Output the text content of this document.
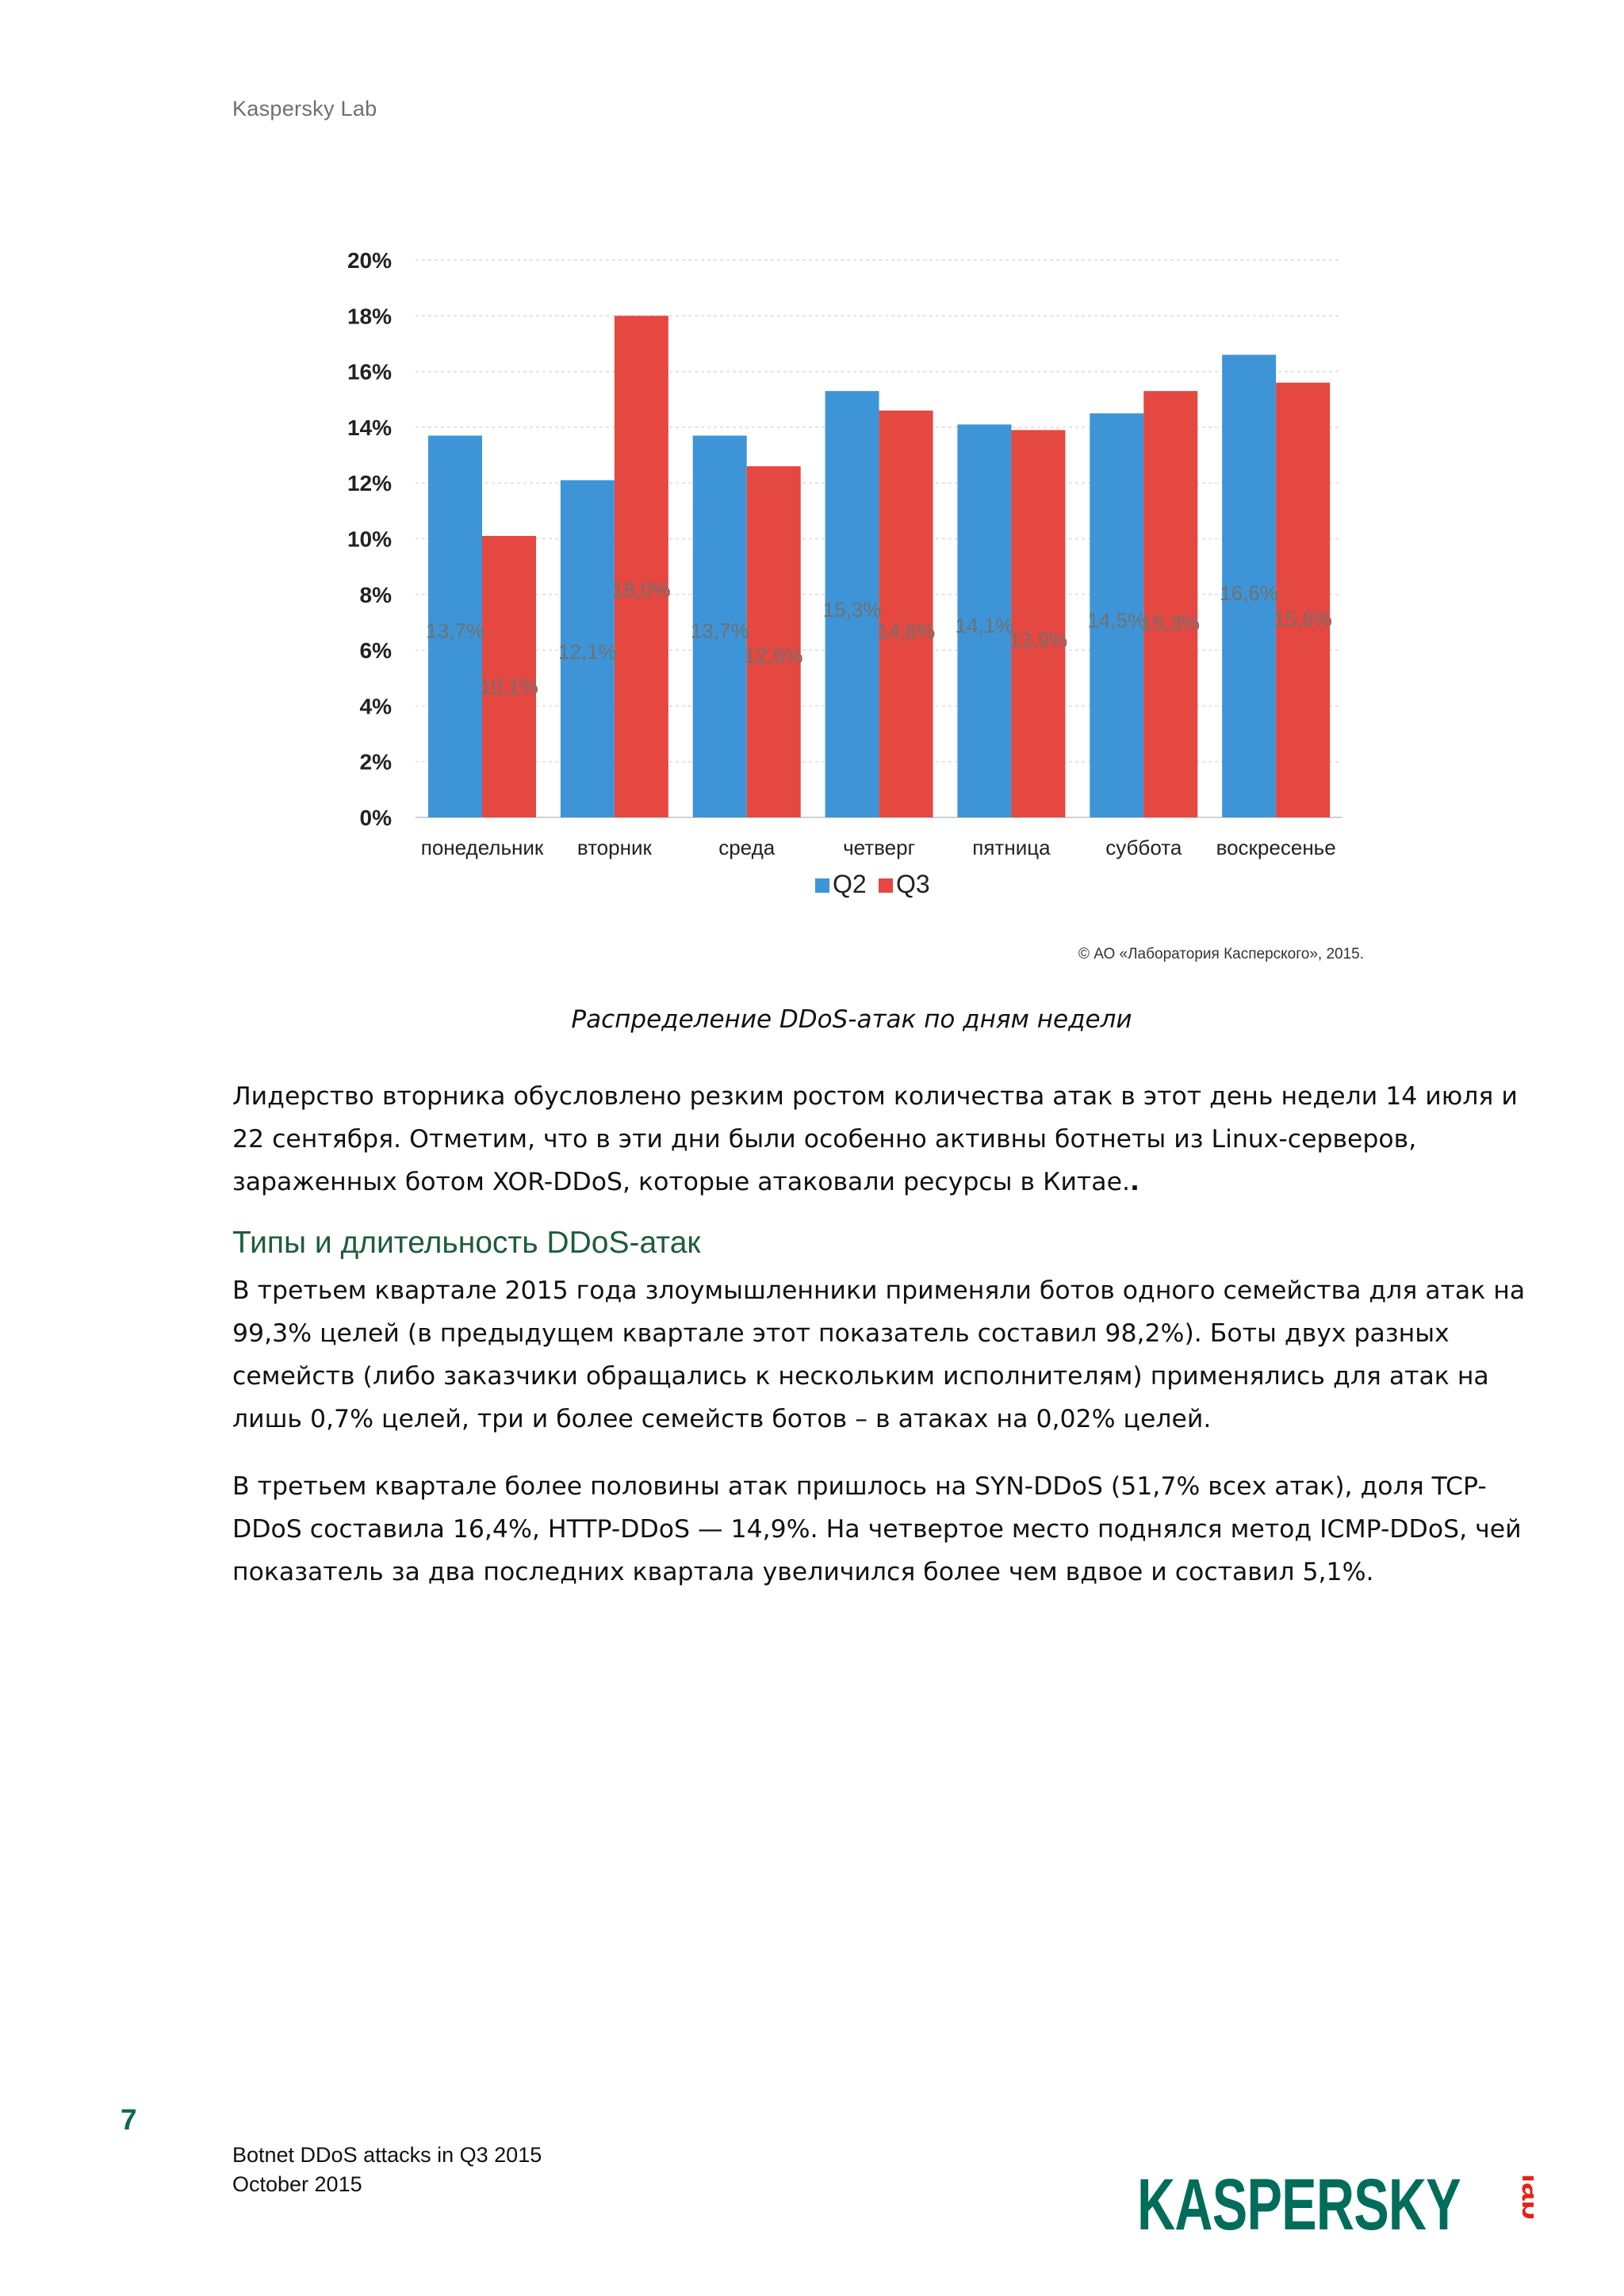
Kaspersky Lab
0%
2%
4%
6%
8%
10%
12%
14%
16%
18%
20%
13,7%
10,1%
понедельник
12,1%
18,0%
вторник
13,7%
12,6%
среда
15,3%
14,6%
четверг
14,1%
13,9%
пятница
14,5%
15,3%
суббота
16,6%
15,6%
воскресенье
Q2 Q3
© АО «Лаборатория Касперского», 2015.
Распределение DDoS-атак по дням недели

Лидерство вторника обусловлено резким ростом количества атак в этот день недели 14 июля и
22 сентября. Отметим, что в эти дни были особенно активны ботнеты из Linux-серверов,
зараженных ботом XOR-DDoS, которые атаковали ресурсы в Китае..

Типы и длительность DDoS-атак

В третьем квартале 2015 года злоумышленники применяли ботов одного семейства для атак на
99,3% целей (в предыдущем квартале этот показатель составил 98,2%). Боты двух разных
семейств (либо заказчики обращались к нескольким исполнителям) применялись для атак на
лишь 0,7% целей, три и более семейств ботов – в атаках на 0,02% целей.

В третьем квартале более половины атак пришлось на SYN-DDoS (51,7% всех атак), доля TCP-
DDoS составила 16,4%, HTTP-DDoS — 14,9%. На четвертое место поднялся метод ICMP-DDoS, чей
показатель за два последних квартала увеличился более чем вдвое и составил 5,1%.

7
Botnet DDoS attacks in Q3 2015
October 2015	KASPERSKY lab
